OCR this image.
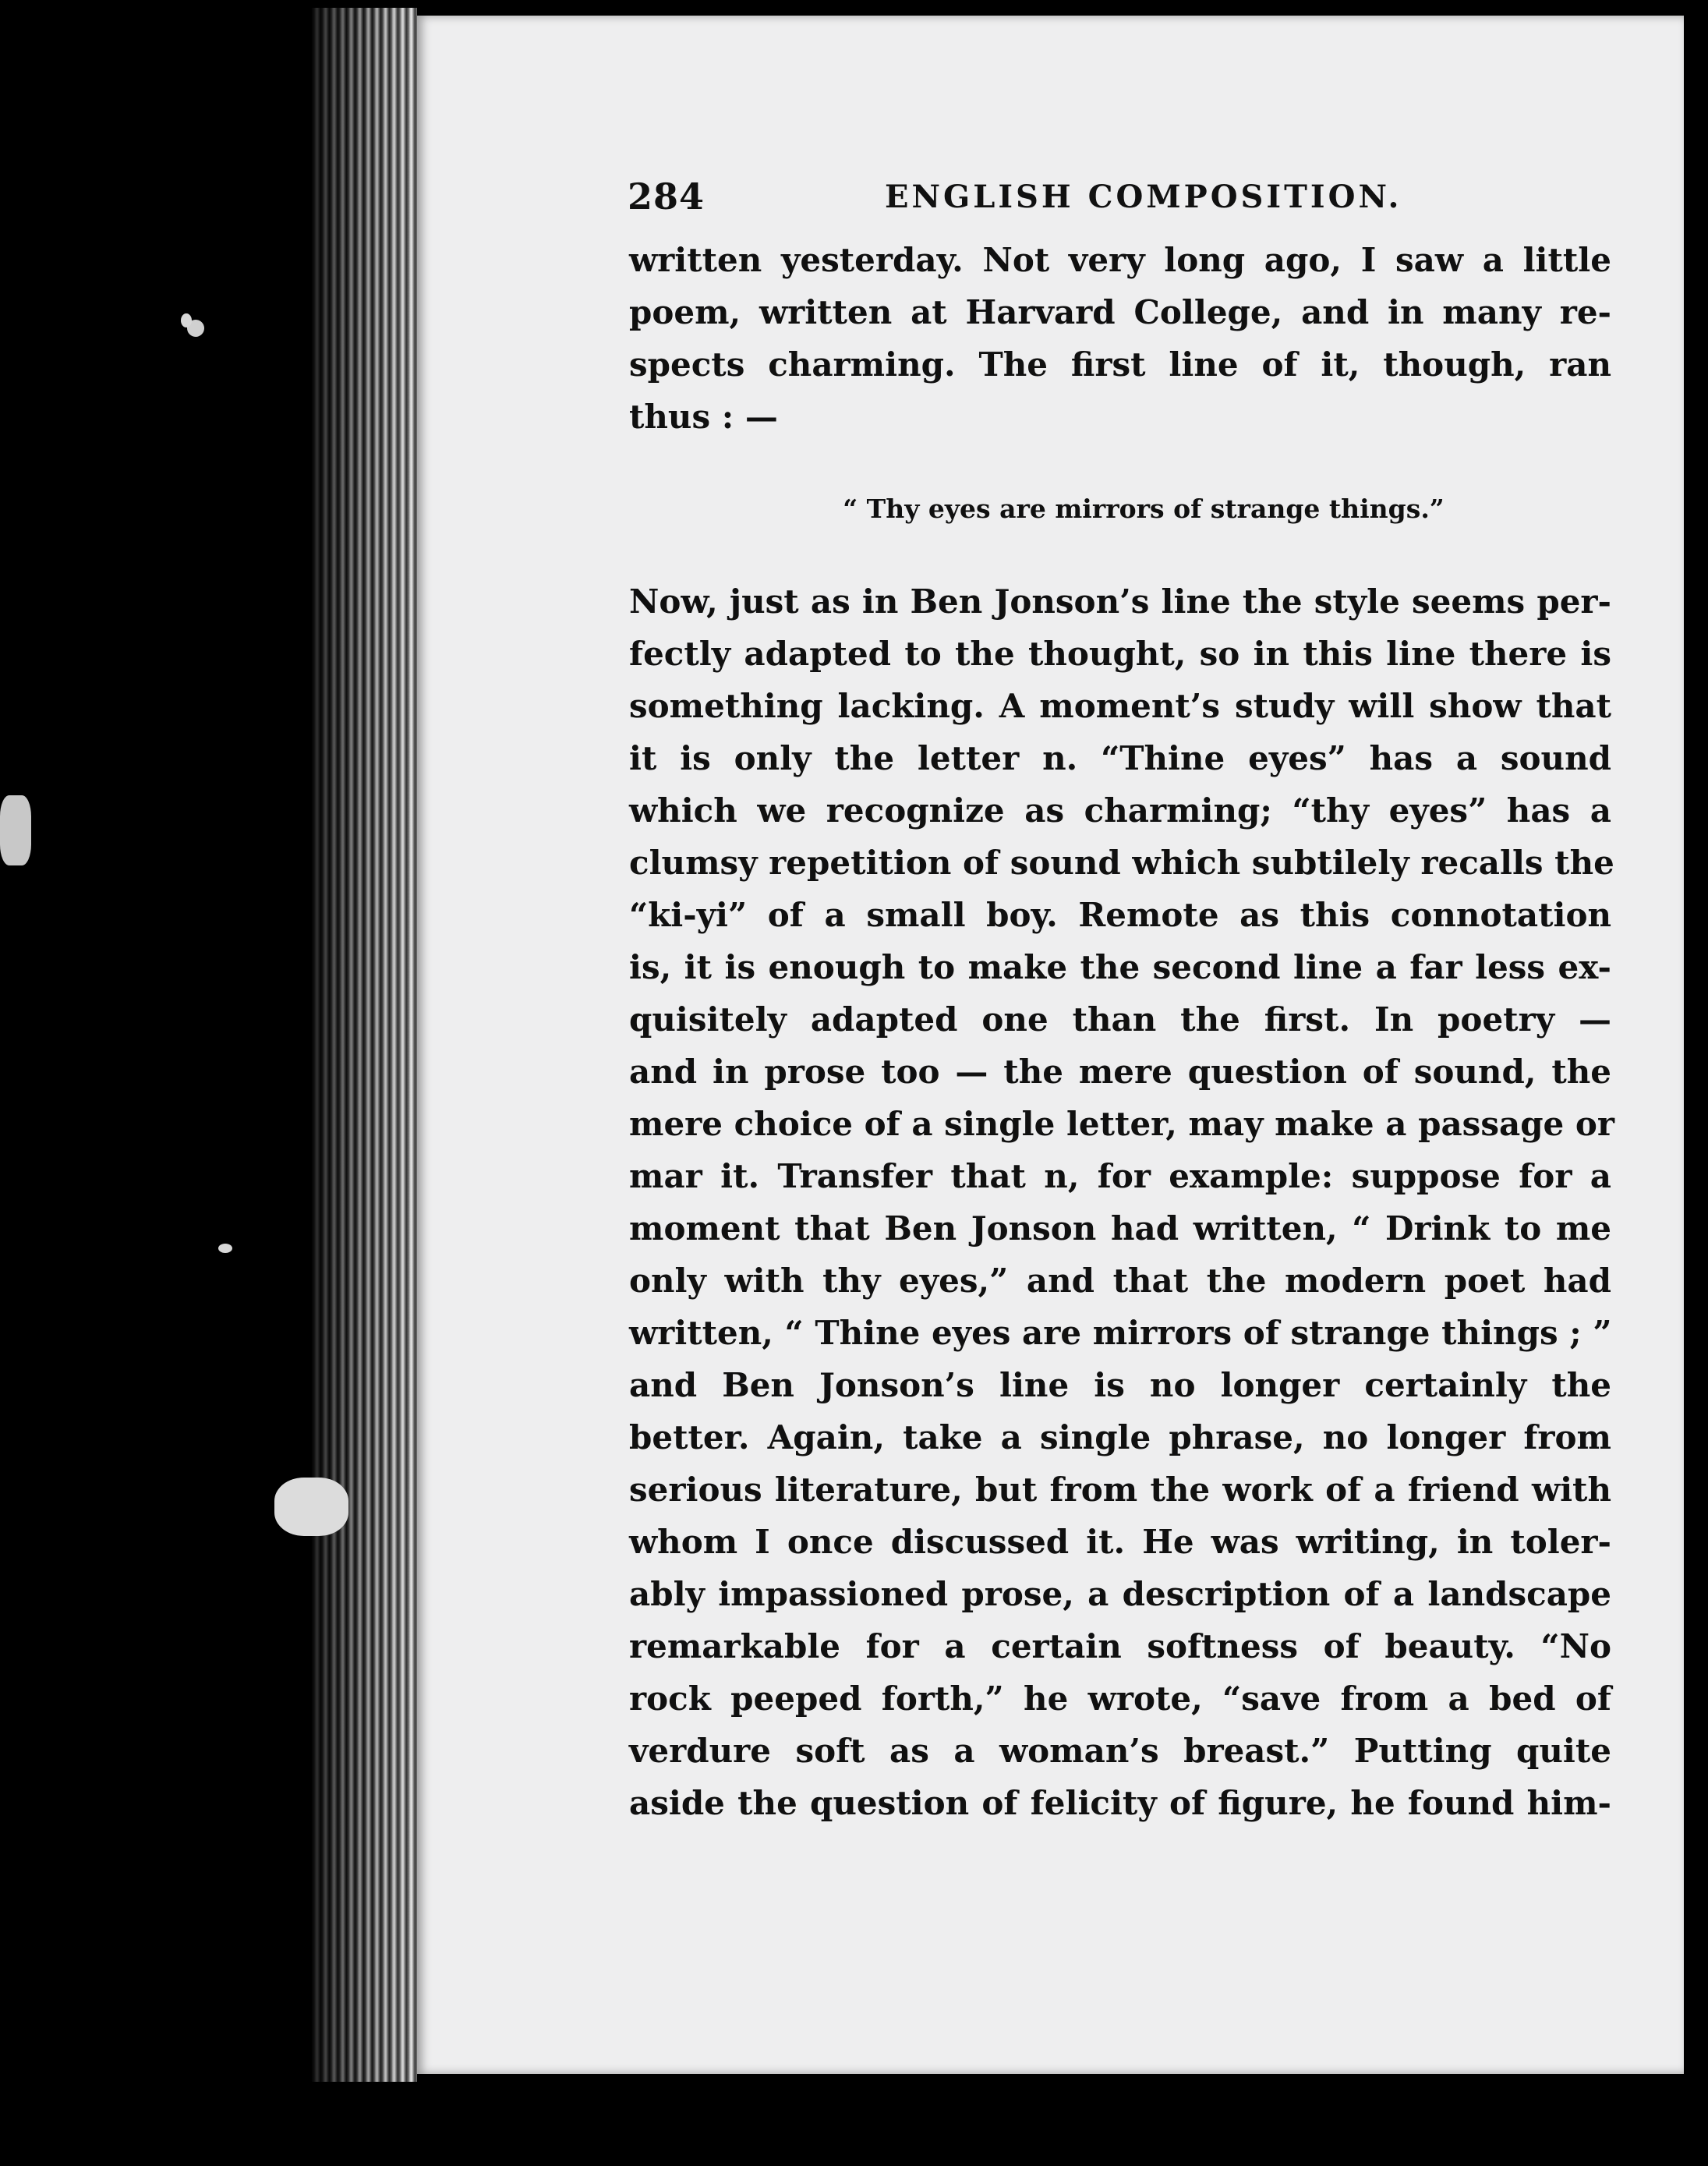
284	ENGLISH COMPOSITION.
written yesterday. Not very long ago, I saw a little
poem, written at Harvard College, and in many re-
spects charming. The first line of it, though, ran
thus : —
“ Thy eyes are mirrors of strange things.”
Now, just as in Ben Jonson’s line the style seems per-
fectly adapted to the thought, so in this line there is
something lacking. A moment’s study will show that
it is only the letter n. “Thine eyes” has a sound
which we recognize as charming; “thy eyes” has a
clumsy repetition of sound which subtilely recalls the
“ki-yi” of a small boy. Remote as this connotation
is, it is enough to make the second line a far less ex-
quisitely adapted one than the first. In poetry —
and in prose too — the mere question of sound, the
mere choice of a single letter, may make a passage or
mar it. Transfer that n, for example: suppose for a
moment that Ben Jonson had written, “ Drink to me
only with thy eyes,” and that the modern poet had
written, “ Thine eyes are mirrors of strange things ; ”
and Ben Jonson’s line is no longer certainly the
better. Again, take a single phrase, no longer from
serious literature, but from the work of a friend with
whom I once discussed it. He was writing, in toler-
ably impassioned prose, a description of a landscape
remarkable for a certain softness of beauty. “No
rock peeped forth,” he wrote, “save from a bed of
verdure soft as a woman’s breast.” Putting quite
aside the question of felicity of figure, he found him-
